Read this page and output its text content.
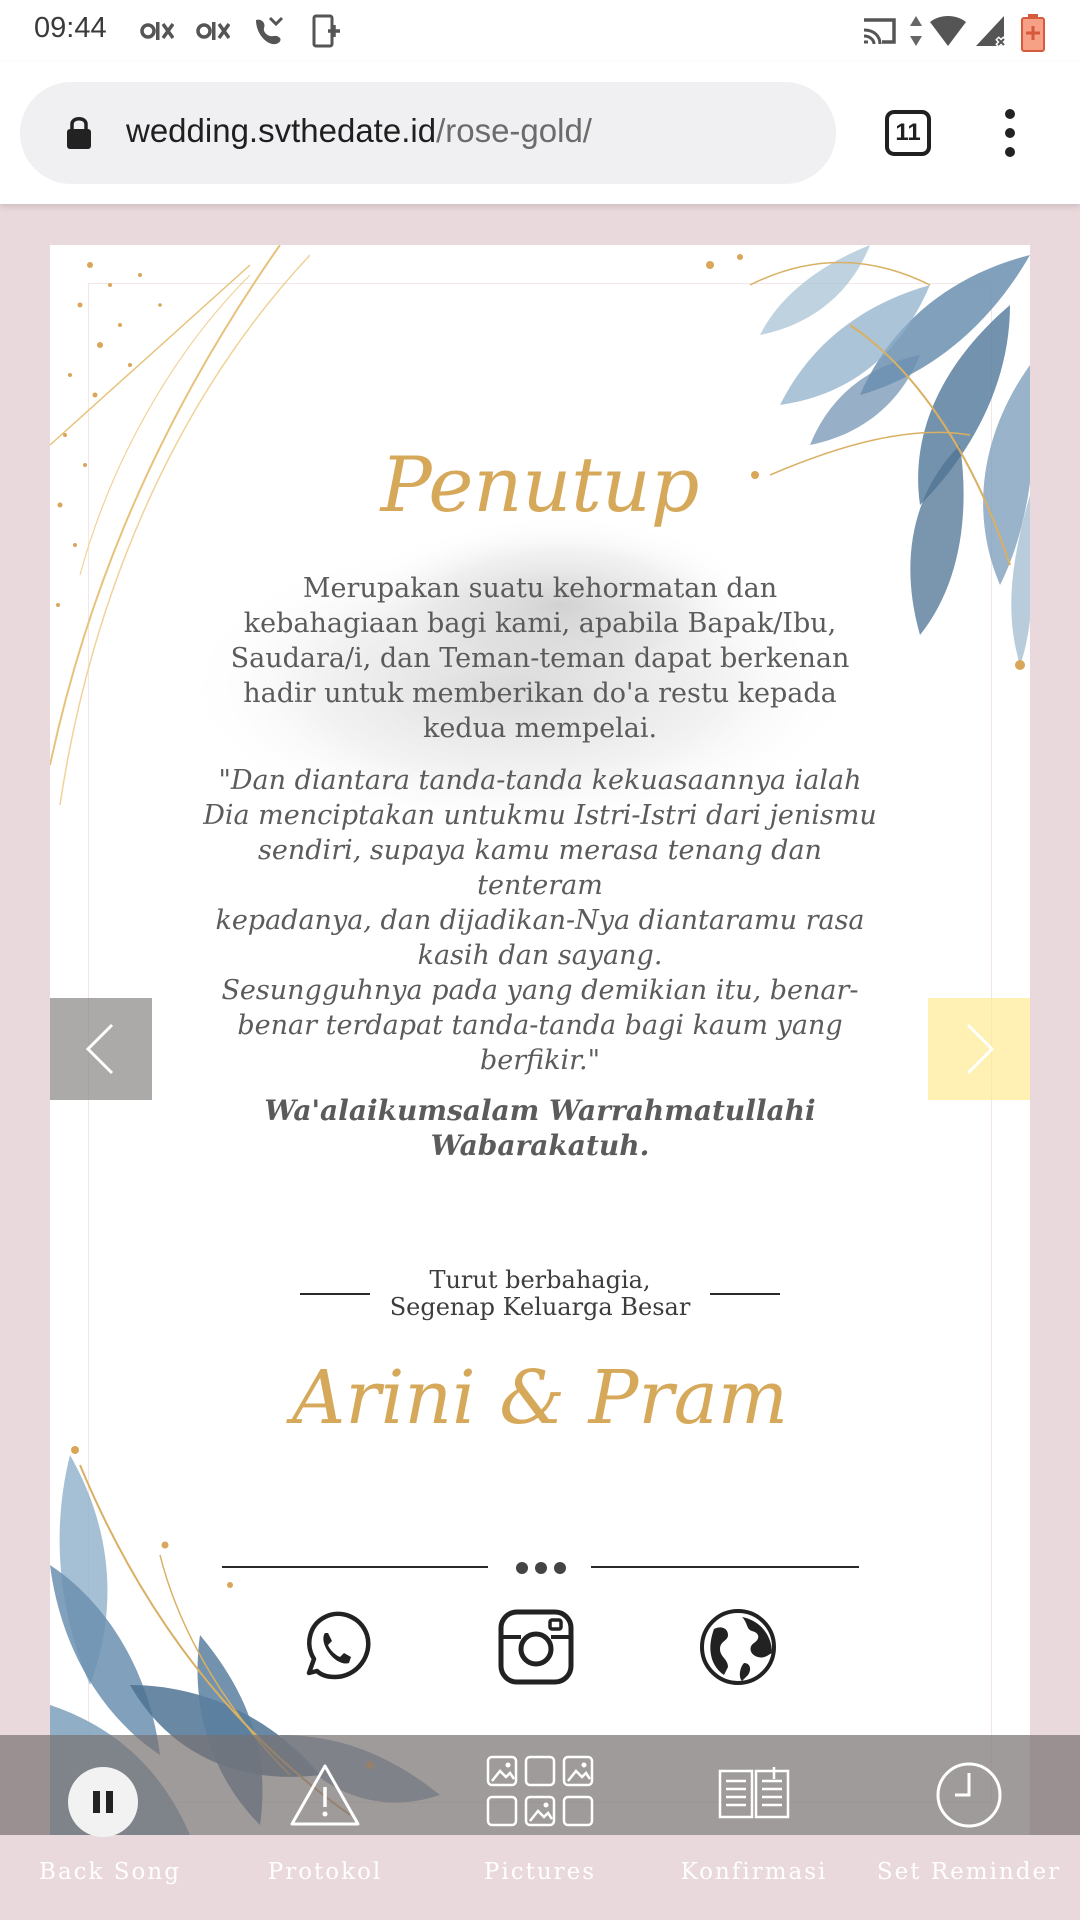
09:44
wedding.svthedate.id/rose-gold/	11
Penutup
Merupakan suatu kehormatan dan kebahagiaan bagi kami, apabila Bapak/Ibu, Saudara/i, dan Teman-teman dapat berkenan hadir untuk memberikan do'a restu kepada kedua mempelai.
"Dan diantara tanda-tanda kekuasaannya ialah
Dia menciptakan untukmu Istri-Istri dari jenismu
sendiri, supaya kamu merasa tenang dan tenteram
kepadanya, dan dijadikan-Nya diantaramu rasa
kasih dan sayang.
Sesungguhnya pada yang demikian itu, benar-
benar terdapat tanda-tanda bagi kaum yang
berfikir."
Wa'alaikumsalam Warrahmatullahi Wabarakatuh.
Turut berbahagia,
Segenap Keluarga Besar
Arini & Pram
Back Song	Protokol	Pictures	Konfirmasi Set Reminder
